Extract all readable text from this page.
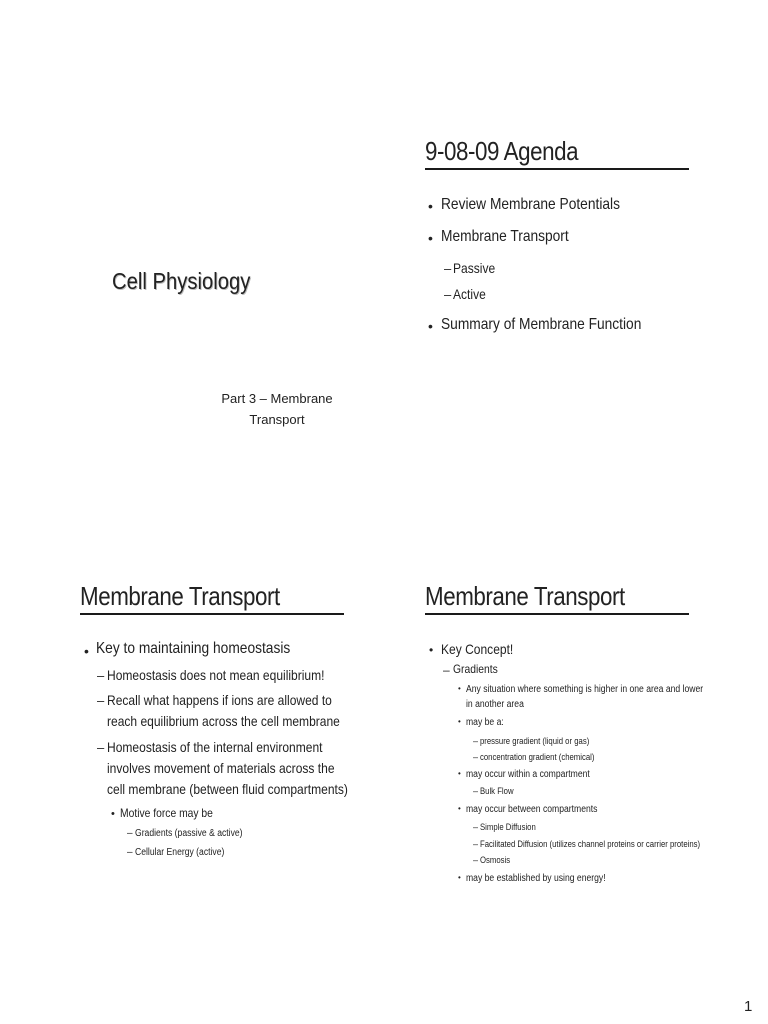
Cell Physiology
Part 3 – Membrane
Transport
9-08-09 Agenda
• Review Membrane Potentials
• Membrane Transport
– Passive
– Active
• Summary of Membrane Function
Membrane Transport
• Key to maintaining homeostasis
– Homeostasis does not mean equilibrium!
– Recall what happens if ions are allowed to
reach equilibrium across the cell membrane
– Homeostasis of the internal environment
involves movement of materials across the
cell membrane (between fluid compartments)
• Motive force may be
– Gradients (passive & active)
– Cellular Energy (active)
Membrane Transport
• Key Concept!
– Gradients
• Any situation where something is higher in one area and lower
in another area
• may be a:
– pressure gradient (liquid or gas)
– concentration gradient (chemical)
• may occur within a compartment
– Bulk Flow
• may occur between compartments
– Simple Diffusion
– Facilitated Diffusion (utilizes channel proteins or carrier proteins)
– Osmosis
• may be established by using energy!
1
